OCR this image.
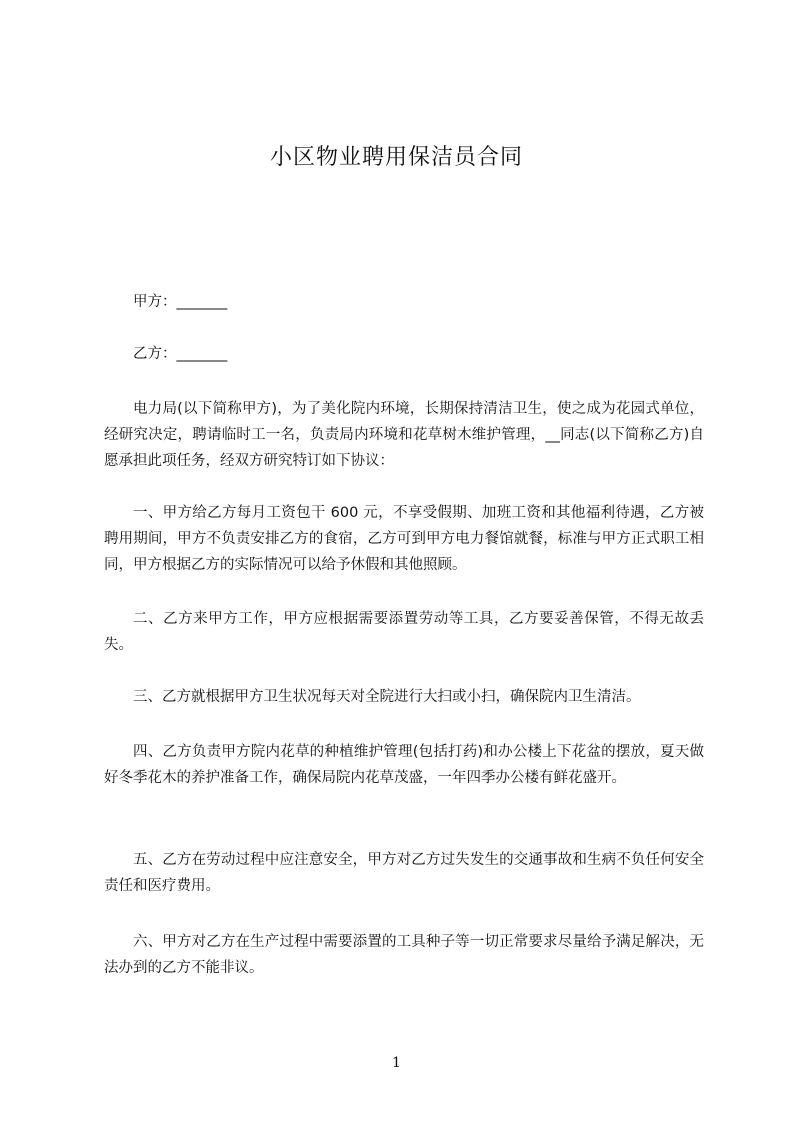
小区物业聘用保洁员合同

甲方：_______

乙方：_______

电力局(以下简称甲方)，为了美化院内环境，长期保持清洁卫生，使之成为花园式单位，经研究决定，聘请临时工一名，负责局内环境和花草树木维护管理，__同志(以下简称乙方)自愿承担此项任务，经双方研究特订如下协议：

一、甲方给乙方每月工资包干 600 元，不享受假期、加班工资和其他福利待遇，乙方被聘用期间，甲方不负责安排乙方的食宿，乙方可到甲方电力餐馆就餐，标准与甲方正式职工相同，甲方根据乙方的实际情况可以给予休假和其他照顾。

二、乙方来甲方工作，甲方应根据需要添置劳动等工具，乙方要妥善保管，不得无故丢失。

三、乙方就根据甲方卫生状况每天对全院进行大扫或小扫，确保院内卫生清洁。

四、乙方负责甲方院内花草的种植维护管理(包括打药)和办公楼上下花盆的摆放，夏天做好冬季花木的养护准备工作，确保局院内花草茂盛，一年四季办公楼有鲜花盛开。

五、乙方在劳动过程中应注意安全，甲方对乙方过失发生的交通事故和生病不负任何安全责任和医疗费用。

六、甲方对乙方在生产过程中需要添置的工具种子等一切正常要求尽量给予满足解决，无法办到的乙方不能非议。

1
